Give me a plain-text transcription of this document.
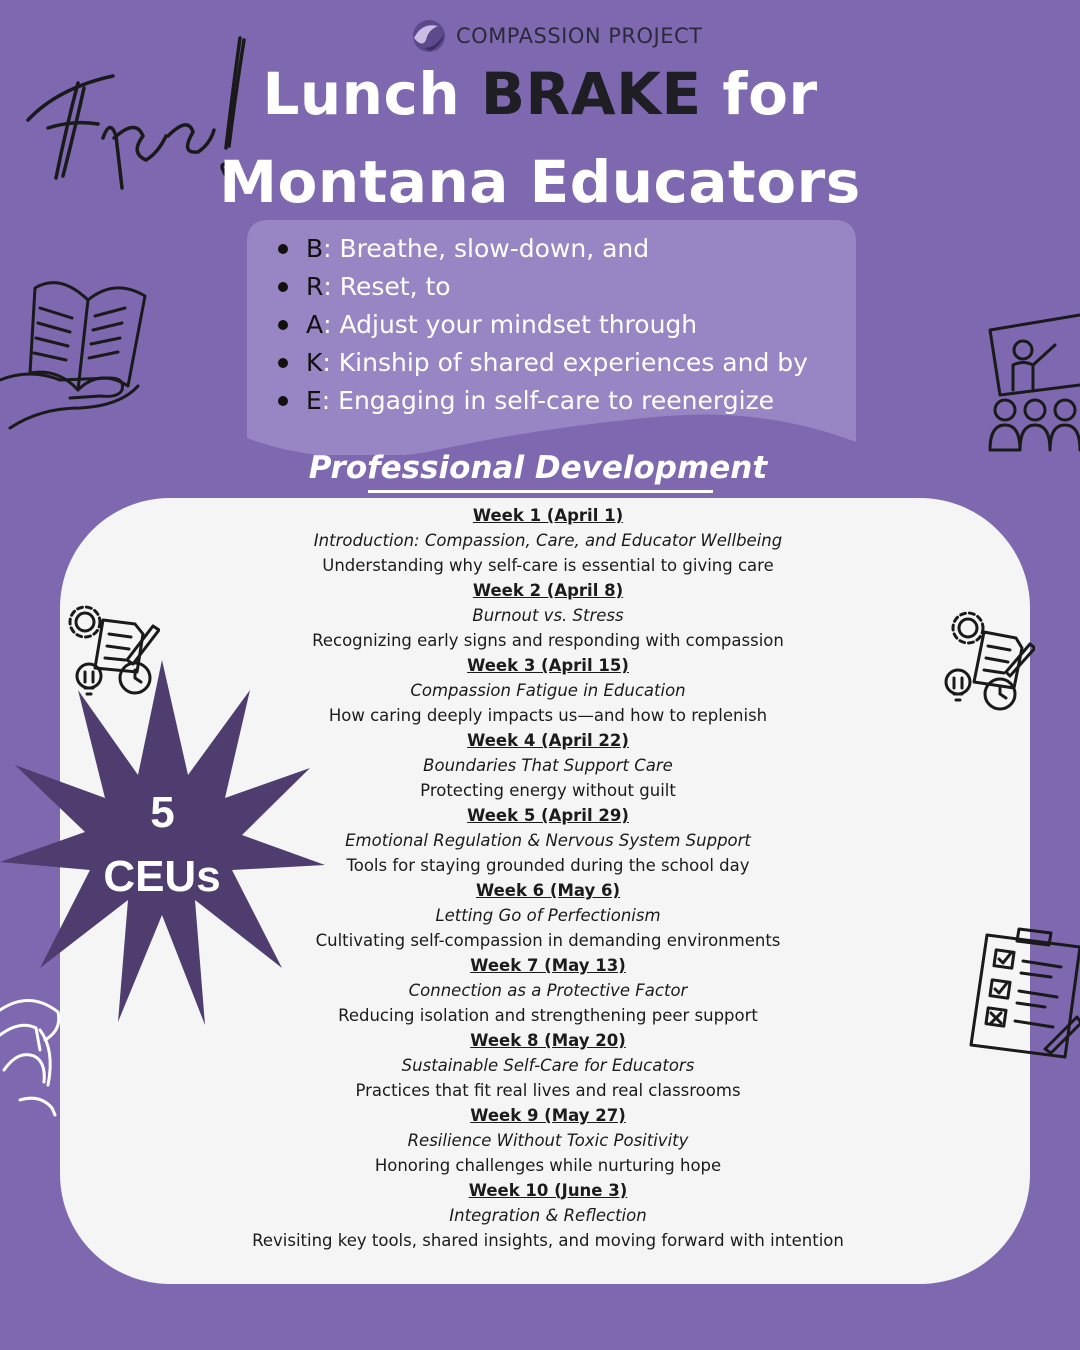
COMPASSION PROJECT
Lunch BRAKE for
Montana Educators
B : Breathe, slow-down, and
R : Reset, to
A : Adjust your mindset through
K : Kinship of shared experiences and by
E : Engaging in self-care to reenergize
Professional Development
Week 1 (April 1)
Introduction: Compassion, Care, and Educator Wellbeing
Understanding why self-care is essential to giving care
Week 2 (April 8)
Burnout vs. Stress
Recognizing early signs and responding with compassion
Week 3 (April 15)
Compassion Fatigue in Education
How caring deeply impacts us—and how to replenish
Week 4 (April 22)
Boundaries That Support Care
Protecting energy without guilt
Week 5 (April 29)
Emotional Regulation & Nervous System Support
Tools for staying grounded during the school day
Week 6 (May 6)
Letting Go of Perfectionism
Cultivating self-compassion in demanding environments
Week 7 (May 13)
Connection as a Protective Factor
Reducing isolation and strengthening peer support
Week 8 (May 20)
Sustainable Self-Care for Educators
Practices that fit real lives and real classrooms
Week 9 (May 27)
Resilience Without Toxic Positivity
Honoring challenges while nurturing hope
Week 10 (June 3)
Integration & Reflection
Revisiting key tools, shared insights, and moving forward with intention
5
CEUs
